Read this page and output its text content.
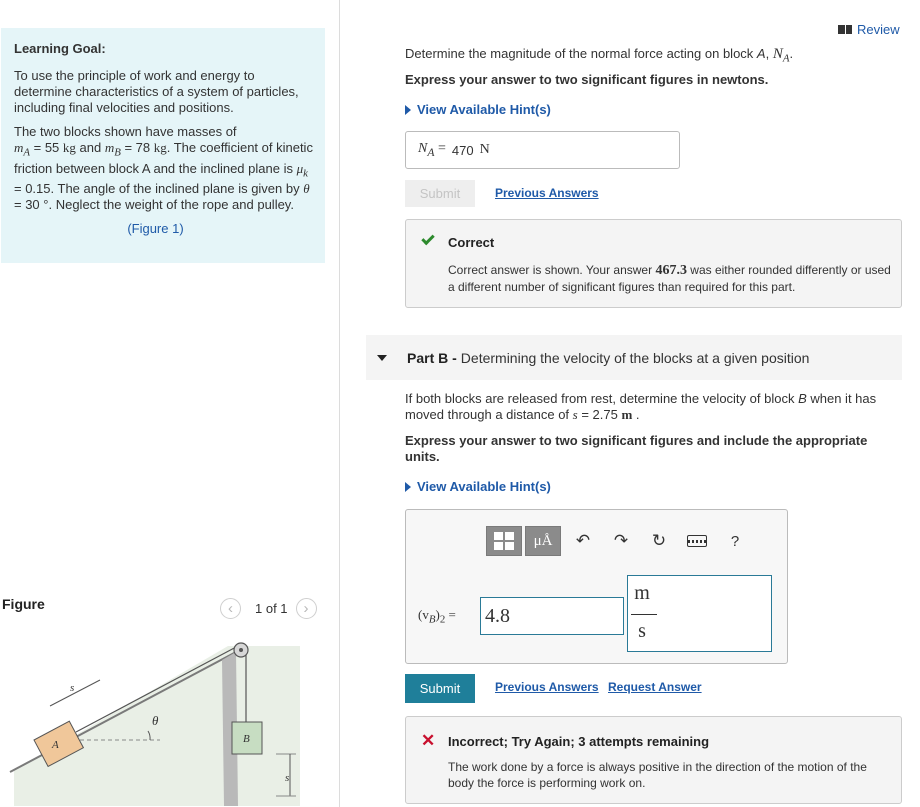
Learning Goal:

To use the principle of work and energy to determine characteristics of a system of particles, including final velocities and positions.

The two blocks shown have masses of
$m_A = 55$ kg and $m_B = 78$ kg. The coefficient of kinetic friction between block A and the inclined plane is $\mu_k = 0.15$. The angle of the inclined plane is given by θ = 30 °. Neglect the weight of the rope and pulley.

(Figure 1)
Figure	‹ 1 of 1 ›
θ
A
s
B
s
Review
Determine the magnitude of the normal force acting on block A, $N_A$.
Express your answer to two significant figures in newtons.
View Available Hint(s)
$N_A = 470$ N
Submit	Previous Answers
Correct
Correct answer is shown. Your answer 467.3 was either rounded differently or used a different number of significant figures than required for this part.
Part B - Determining the velocity of the blocks at a given position
If both blocks are released from rest, determine the velocity of block B when it has moved through a distance of s = 2.75 m .
Express your answer to two significant figures and include the appropriate units.
View Available Hint(s)
μÅ ↶ ↷ ↻	?
$(v_B)_2 = 4.8$
m
s
Submit	Previous Answers Request Answer
✕ Incorrect; Try Again; 3 attempts remaining
The work done by a force is always positive in the direction of the motion of the body the force is performing work on.
